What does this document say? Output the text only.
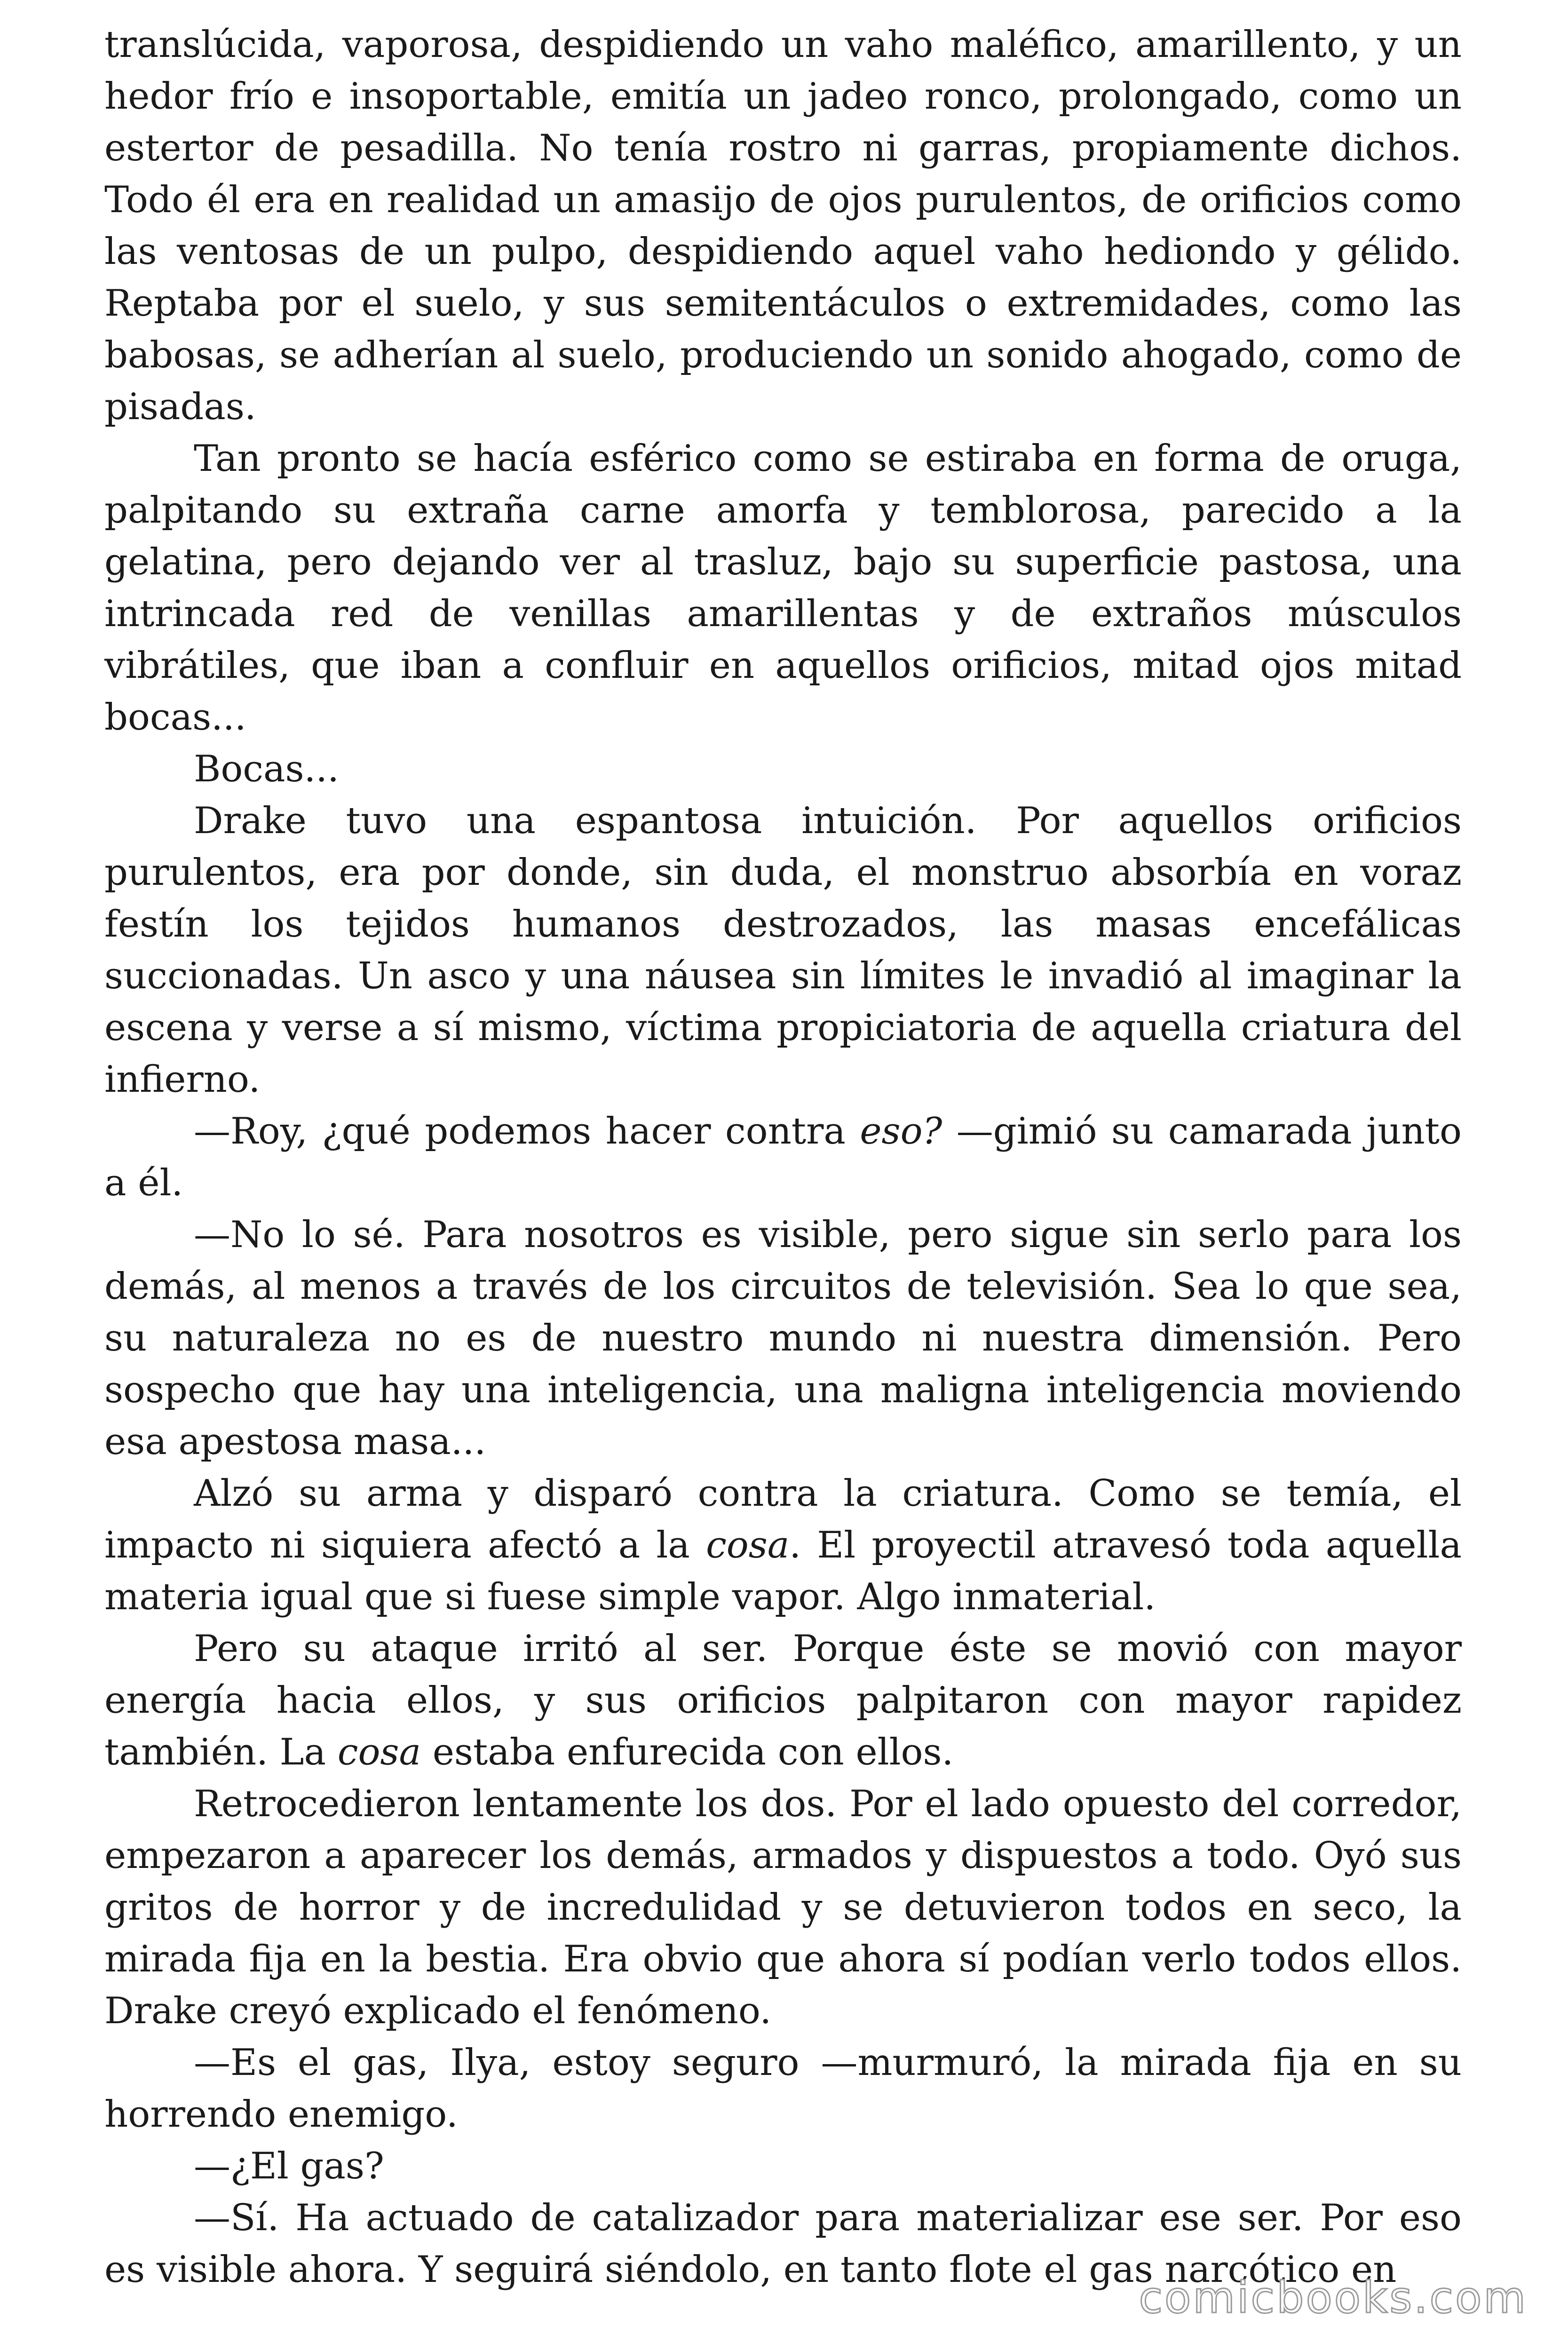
translúcida, vaporosa, despidiendo un vaho maléfico, amarillento, y un hedor frío e insoportable, emitía un jadeo ronco, prolongado, como un estertor de pesadilla. No tenía rostro ni garras, propiamente dichos. Todo él era en realidad un amasijo de ojos purulentos, de orificios como las ventosas de un pulpo, despidiendo aquel vaho hediondo y gélido. Reptaba por el suelo, y sus semitentáculos o extremidades, como las babosas, se adherían al suelo, produciendo un sonido ahogado, como de pisadas.

Tan pronto se hacía esférico como se estiraba en forma de oruga, palpitando su extraña carne amorfa y temblorosa, parecido a la gelatina, pero dejando ver al trasluz, bajo su superficie pastosa, una intrincada red de venillas amarillentas y de extraños músculos vibrátiles, que iban a confluir en aquellos orificios, mitad ojos mitad bocas...

Bocas...

Drake tuvo una espantosa intuición. Por aquellos orificios purulentos, era por donde, sin duda, el monstruo absorbía en voraz festín los tejidos humanos destrozados, las masas encefálicas succionadas. Un asco y una náusea sin límites le invadió al imaginar la escena y verse a sí mismo, víctima propiciatoria de aquella criatura del infierno.

—Roy, ¿qué podemos hacer contra eso? —gimió su camarada junto a él.

—No lo sé. Para nosotros es visible, pero sigue sin serlo para los demás, al menos a través de los circuitos de televisión. Sea lo que sea, su naturaleza no es de nuestro mundo ni nuestra dimensión. Pero sospecho que hay una inteligencia, una maligna inteligencia moviendo esa apestosa masa...

Alzó su arma y disparó contra la criatura. Como se temía, el impacto ni siquiera afectó a la cosa. El proyectil atravesó toda aquella materia igual que si fuese simple vapor. Algo inmaterial.

Pero su ataque irritó al ser. Porque éste se movió con mayor energía hacia ellos, y sus orificios palpitaron con mayor rapidez también. La cosa estaba enfurecida con ellos.

Retrocedieron lentamente los dos. Por el lado opuesto del corredor, empezaron a aparecer los demás, armados y dispuestos a todo. Oyó sus gritos de horror y de incredulidad y se detuvieron todos en seco, la mirada fija en la bestia. Era obvio que ahora sí podían verlo todos ellos. Drake creyó explicado el fenómeno.

—Es el gas, Ilya, estoy seguro —murmuró, la mirada fija en su horrendo enemigo.

—¿El gas?

—Sí. Ha actuado de catalizador para materializar ese ser. Por eso es visible ahora. Y seguirá siéndolo, en tanto flote el gas narcótico en

comicbooks.com
